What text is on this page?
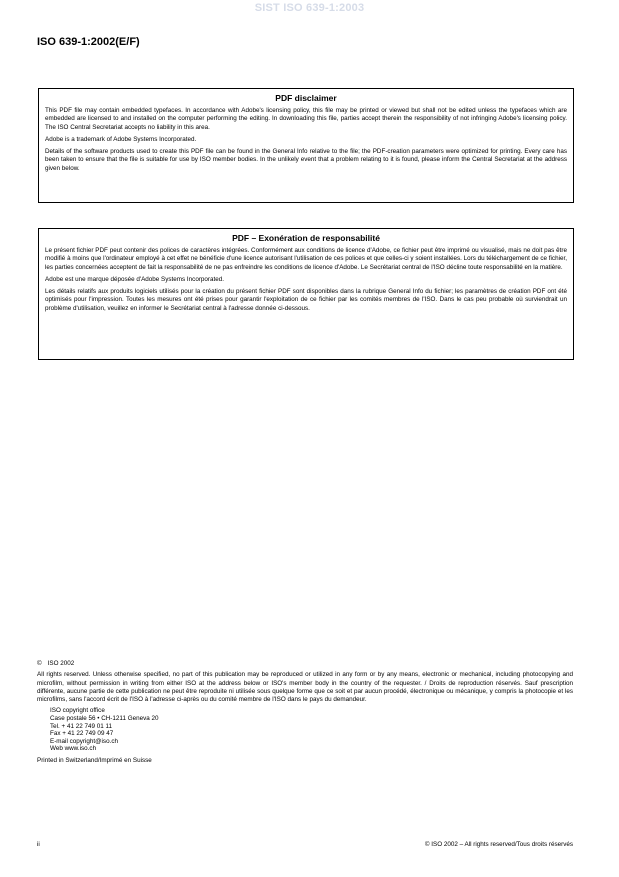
SIST ISO 639-1:2003
ISO 639-1:2002(E/F)
PDF disclaimer

This PDF file may contain embedded typefaces. In accordance with Adobe's licensing policy, this file may be printed or viewed but shall not be edited unless the typefaces which are embedded are licensed to and installed on the computer performing the editing. In downloading this file, parties accept therein the responsibility of not infringing Adobe's licensing policy. The ISO Central Secretariat accepts no liability in this area.

Adobe is a trademark of Adobe Systems Incorporated.

Details of the software products used to create this PDF file can be found in the General Info relative to the file; the PDF-creation parameters were optimized for printing. Every care has been taken to ensure that the file is suitable for use by ISO member bodies. In the unlikely event that a problem relating to it is found, please inform the Central Secretariat at the address given below.

PDF – Exonération de responsabilité

Le présent fichier PDF peut contenir des polices de caractères intégrées. Conformément aux conditions de licence d'Adobe, ce fichier peut être imprimé ou visualisé, mais ne doit pas être modifié à moins que l'ordinateur employé à cet effet ne bénéficie d'une licence autorisant l'utilisation de ces polices et que celles-ci y soient installées. Lors du téléchargement de ce fichier, les parties concernées acceptent de fait la responsabilité de ne pas enfreindre les conditions de licence d'Adobe. Le Secrétariat central de l'ISO décline toute responsabilité en la matière.

Adobe est une marque déposée d'Adobe Systems Incorporated.

Les détails relatifs aux produits logiciels utilisés pour la création du présent fichier PDF sont disponibles dans la rubrique General Info du fichier; les paramètres de création PDF ont été optimisés pour l'impression. Toutes les mesures ont été prises pour garantir l'exploitation de ce fichier par les comités membres de l'ISO. Dans le cas peu probable où surviendrait un problème d'utilisation, veuillez en informer le Secrétariat central à l'adresse donnée ci-dessous.

© ISO 2002

All rights reserved. Unless otherwise specified, no part of this publication may be reproduced or utilized in any form or by any means, electronic or mechanical, including photocopying and microfilm, without permission in writing from either ISO at the address below or ISO's member body in the country of the requester. / Droits de reproduction réservés. Sauf prescription différente, aucune partie de cette publication ne peut être reproduite ni utilisée sous quelque forme que ce soit et par aucun procédé, électronique ou mécanique, y compris la photocopie et les microfilms, sans l'accord écrit de l'ISO à l'adresse ci-après ou du comité membre de l'ISO dans le pays du demandeur.

ISO copyright office
Case postale 56 • CH-1211 Geneva 20
Tel. + 41 22 749 01 11
Fax + 41 22 749 09 47
E-mail copyright@iso.ch
Web www.iso.ch
Printed in Switzerland/Imprimé en Suisse
ii	© ISO 2002 – All rights reserved/Tous droits réservés
